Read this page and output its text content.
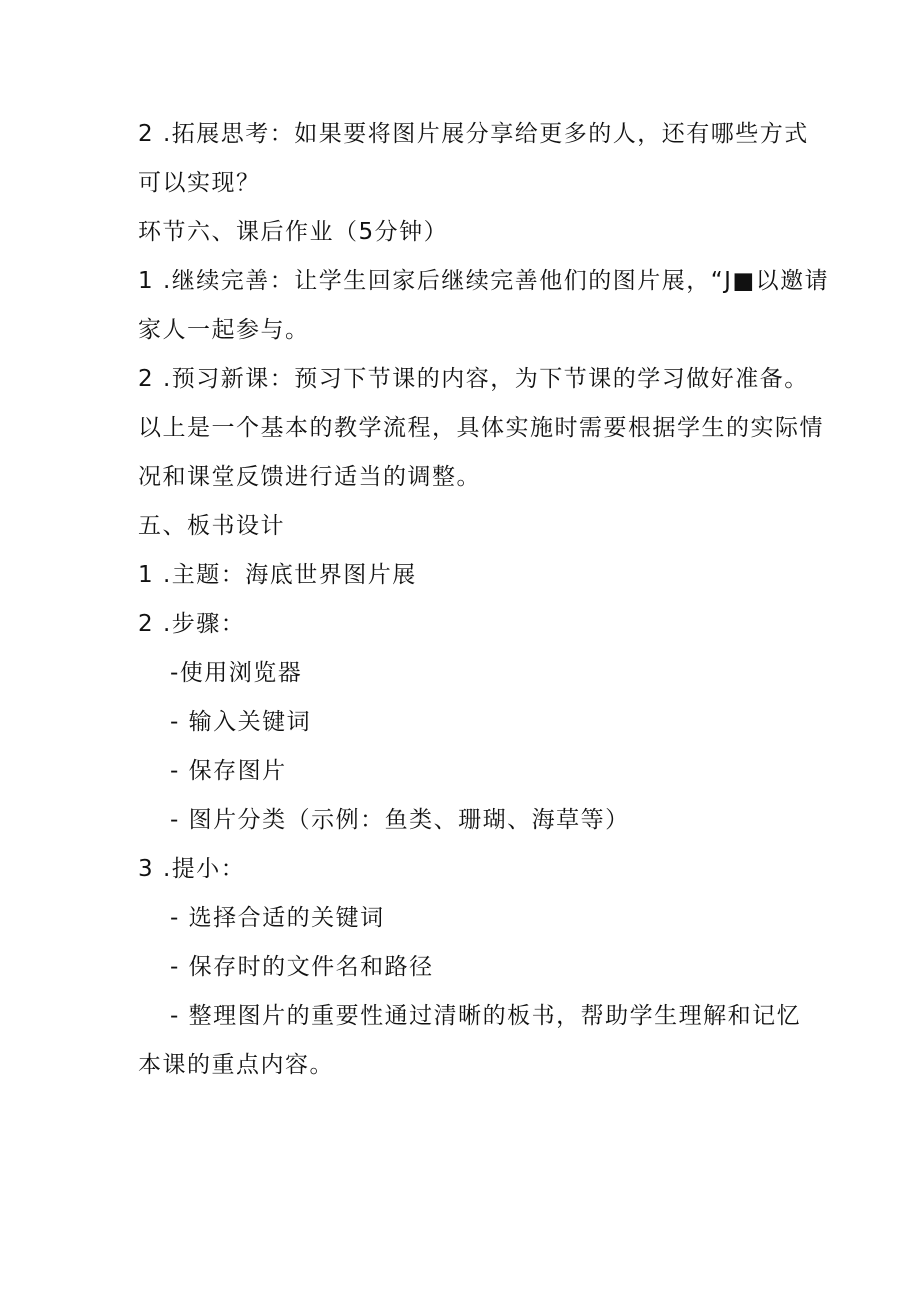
2 .拓展思考：如果要将图片展分享给更多的人，还有哪些方式
可以实现？
环节六、课后作业（5分钟）
1 .继续完善：让学生回家后继续完善他们的图片展，“J■以邀请
家人一起参与。
2 .预习新课：预习下节课的内容，为下节课的学习做好准备。
以上是一个基本的教学流程，具体实施时需要根据学生的实际情
况和课堂反馈进行适当的调整。
五、板书设计
1 .主题：海底世界图片展
2 .步骤：
-使用浏览器
- 输入关键词
- 保存图片
- 图片分类（示例：鱼类、珊瑚、海草等）
3 .提小：
- 选择合适的关键词
- 保存时的文件名和路径
- 整理图片的重要性通过清晰的板书，帮助学生理解和记忆
本课的重点内容。
